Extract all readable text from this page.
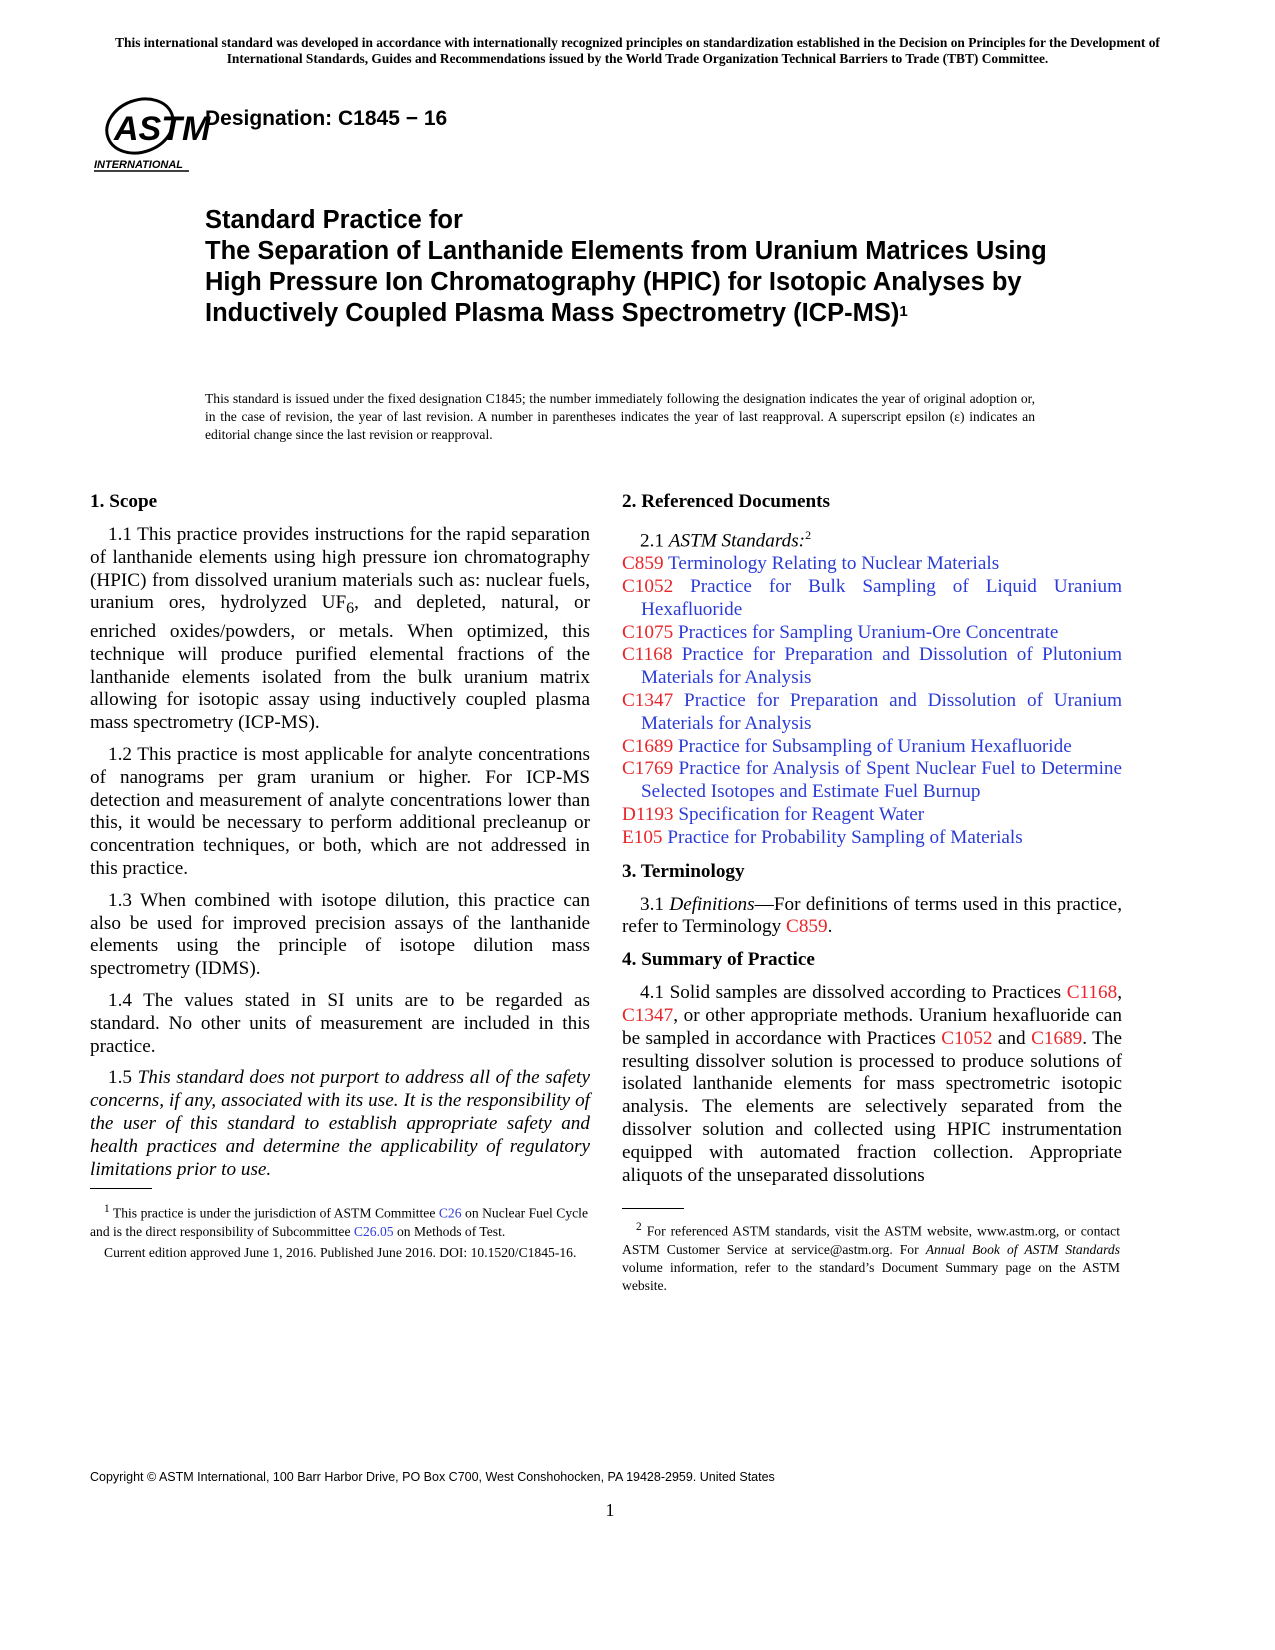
This international standard was developed in accordance with internationally recognized principles on standardization established in the Decision on Principles for the Development of International Standards, Guides and Recommendations issued by the World Trade Organization Technical Barriers to Trade (TBT) Committee.
ASTM
INTERNATIONAL
Designation: C1845 − 16
Standard Practice for
The Separation of Lanthanide Elements from Uranium Matrices Using High Pressure Ion Chromatography (HPIC) for Isotopic Analyses by Inductively Coupled Plasma Mass Spectrometry $(ICP-MS)^1$
This standard is issued under the fixed designation C1845; the number immediately following the designation indicates the year of original adoption or, in the case of revision, the year of last revision. A number in parentheses indicates the year of last reapproval. A superscript epsilon (ε) indicates an editorial change since the last revision or reapproval.
1. Scope

1.1 This practice provides instructions for the rapid separation of lanthanide elements using high pressure ion chromatography (HPIC) from dissolved uranium materials such as: nuclear fuels, uranium ores, hydrolyzed $UF_6$, and depleted, natural, or enriched oxides/powders, or metals. When optimized, this technique will produce purified elemental fractions of the lanthanide elements isolated from the bulk uranium matrix allowing for isotopic assay using inductively coupled plasma mass spectrometry (ICP-MS).

1.2 This practice is most applicable for analyte concentrations of nanograms per gram uranium or higher. For ICP-MS detection and measurement of analyte concentrations lower than this, it would be necessary to perform additional precleanup or concentration techniques, or both, which are not addressed in this practice.

1.3 When combined with isotope dilution, this practice can also be used for improved precision assays of the lanthanide elements using the principle of isotope dilution mass spectrometry (IDMS).

1.4 The values stated in SI units are to be regarded as standard. No other units of measurement are included in this practice.

1.5 This standard does not purport to address all of the safety concerns, if any, associated with its use. It is the responsibility of the user of this standard to establish appropriate safety and health practices and determine the applicability of regulatory limitations prior to use.

$^1$ This practice is under the jurisdiction of ASTM Committee C26 on Nuclear Fuel Cycle and is the direct responsibility of Subcommittee C26.05 on Methods of Test.

Current edition approved June 1, 2016. Published June 2016. DOI: 10.1520/C1845-16.

2. Referenced Documents
2.1 ASTM Standards:$^2$
C859 Terminology Relating to Nuclear Materials
C1052 Practice for Bulk Sampling of Liquid Uranium Hexafluoride
C1075 Practices for Sampling Uranium-Ore Concentrate
C1168 Practice for Preparation and Dissolution of Plutonium Materials for Analysis
C1347 Practice for Preparation and Dissolution of Uranium Materials for Analysis
C1689 Practice for Subsampling of Uranium Hexafluoride
C1769 Practice for Analysis of Spent Nuclear Fuel to Determine Selected Isotopes and Estimate Fuel Burnup
D1193 Specification for Reagent Water
E105 Practice for Probability Sampling of Materials
3. Terminology

3.1 Definitions—For definitions of terms used in this practice, refer to Terminology C859.

4. Summary of Practice

4.1 Solid samples are dissolved according to Practices C1168, C1347, or other appropriate methods. Uranium hexafluoride can be sampled in accordance with Practices C1052 and C1689. The resulting dissolver solution is processed to produce solutions of isolated lanthanide elements for mass spectrometric isotopic analysis. The elements are selectively separated from the dissolver solution and collected using HPIC instrumentation equipped with automated fraction collection. Appropriate aliquots of the unseparated dissolutions

$^2$ For referenced ASTM standards, visit the ASTM website, www.astm.org, or contact ASTM Customer Service at service@astm.org. For Annual Book of ASTM Standards volume information, refer to the standard’s Document Summary page on the ASTM website.

Copyright © ASTM International, 100 Barr Harbor Drive, PO Box C700, West Conshohocken, PA 19428-2959. United States
1
